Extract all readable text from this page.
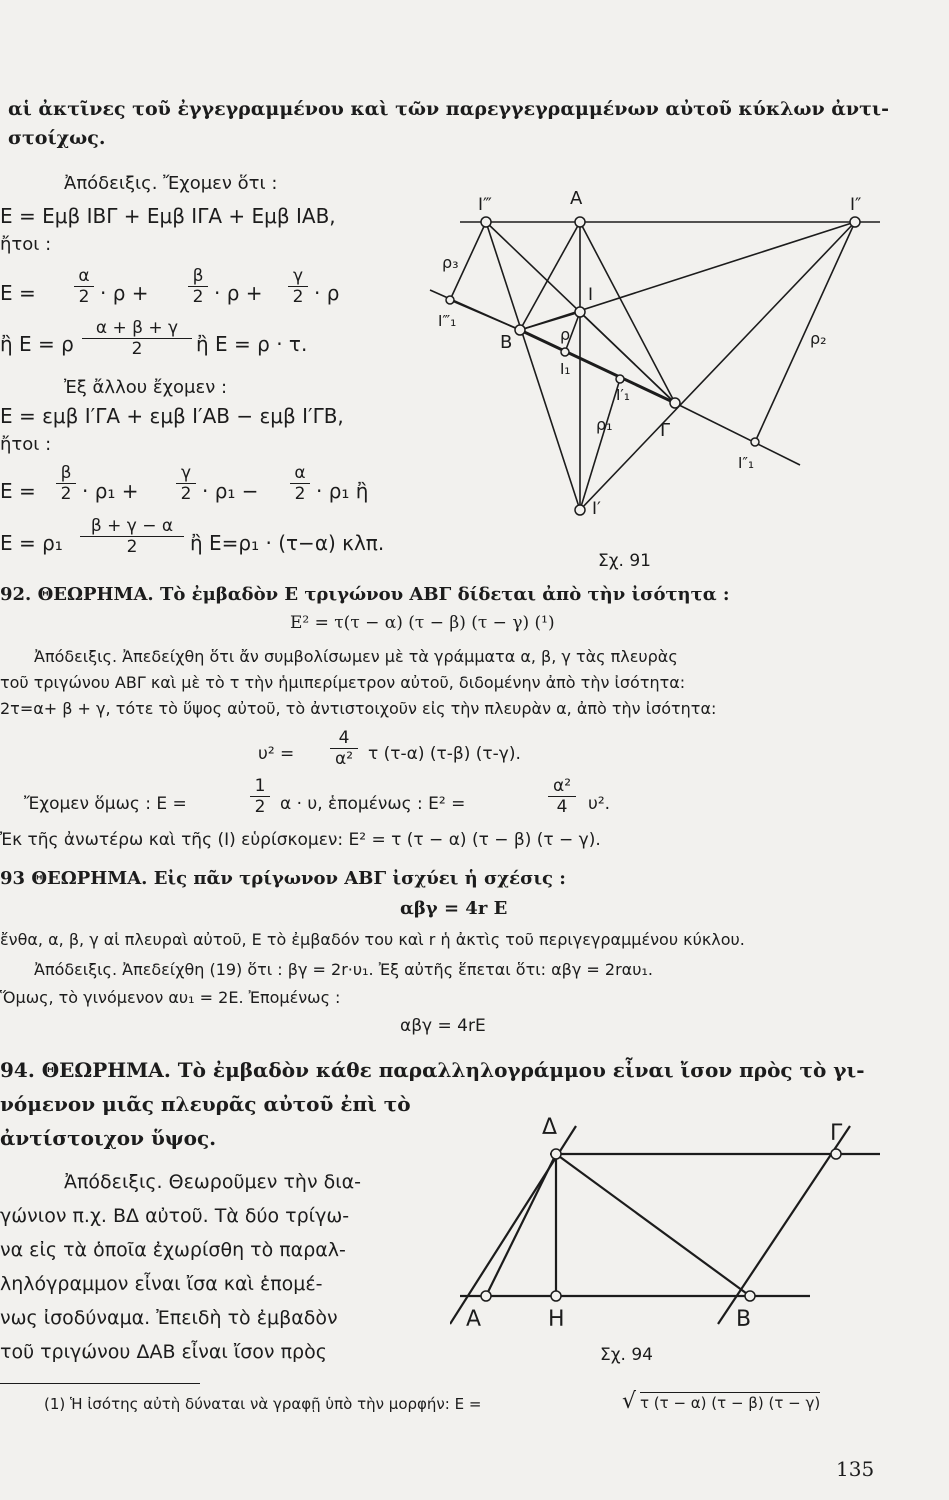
αἱ ἀκτῖνες τοῦ ἐγγεγραμμένου καὶ τῶν παρεγγεγραμμένων αὐτοῦ κύκλων ἀντι-
στοίχως.
Ἀπόδειξις. Ἔχομεν ὅτι :
Ε = Εμβ ΙΒΓ + Εμβ ΙΓΑ + Εμβ ΙΑΒ,
ἤτοι :
$E = \frac{\alpha}{2} \cdot \rho + \frac{\beta}{2} \cdot \rho + \frac{\gamma}{2} \cdot \rho$
ἢ Ε = ρ $\frac{\alpha + \beta + \gamma}{2}$ ἢ Ε = ρ · τ.
Ἐξ ἄλλου ἔχομεν :
Ε = εμβ Ι′ΓΑ + εμβ Ι′ΑΒ − εμβ Ι′ΓΒ,
ἤτοι :
$E = \frac{\beta}{2} \cdot \rho_1 + \frac{\gamma}{2} \cdot \rho_1 - \frac{\alpha}{2} \cdot \rho_1$ ἢ
$E = \rho_1 \frac{\beta + \gamma - \alpha}{2}$ ἢ Ε=ρ₁ · (τ−α) κλπ.
Α
Β
Γ
Ι
Ι₁
Ι′₁
Ι″₁
Ι‴₁
Ι′
Ι″
Ι‴
ρ
ρ₁
ρ₂
ρ₃
Σχ. 91
92. ΘΕΩΡΗΜΑ. Τὸ ἐμβαδὸν Ε τριγώνου ΑΒΓ δίδεται ἀπὸ τὴν ἰσότητα :
Ε² = τ(τ − α) (τ − β) (τ − γ) (¹)
Ἀπόδειξις. Ἀπεδείχθη ὅτι ἄν συμβολίσωμεν μὲ τὰ γράμματα α, β, γ τὰς πλευρὰς
τοῦ τριγώνου ΑΒΓ καὶ μὲ τὸ τ τὴν ἡμιπερίμετρον αὐτοῦ, διδομένην ἀπὸ τὴν ἰσότητα:
2τ=α+ β + γ, τότε τὸ ὕψος αὐτοῦ, τὸ ἀντιστοιχοῦν εἰς τὴν πλευρὰν α, ἀπὸ τὴν ἰσότητα:
$\upsilon^2 = \frac{4}{\text{α²}}$ τ (τ-α) (τ-β) (τ-γ).
Ἔχομεν ὅμως : Ε =	$\frac{1}{2}$ α · υ, ἑπομένως : Ε² =	$\frac{\text{α²}}{4} \upsilon^2$.
Ἐκ τῆς ἀνωτέρω καὶ τῆς (Ι) εὑρίσκομεν: Ε² = τ (τ − α) (τ − β) (τ − γ).
93 ΘΕΩΡΗΜΑ. Εἰς πᾶν τρίγωνον ΑΒΓ ἰσχύει ἡ σχέσις :
αβγ = 4r Ε
ἔνθα, α, β, γ αἱ πλευραὶ αὐτοῦ, Ε τὸ ἐμβαδόν του καὶ r ἡ ἀκτὶς τοῦ περιγεγραμμένου κύκλου.
Ἀπόδειξις. Ἀπεδείχθη (19) ὅτι : βγ = 2r·υ₁. Ἐξ αὐτῆς ἕπεται ὅτι: αβγ = 2rαυ₁.
Ὅμως, τὸ γινόμενον αυ₁ = 2Ε. Ἐπομένως :
αβγ = 4rΕ
94. ΘΕΩΡΗΜΑ. Τὸ ἐμβαδὸν κάθε παραλληλογράμμου εἶναι ἴσον πρὸς τὸ γι-
νόμενον μιᾶς πλευρᾶς αὐτοῦ ἐπὶ τὸ
ἀντίστοιχον ὕψος.
Ἀπόδειξις. Θεωροῦμεν τὴν δια-
γώνιον π.χ. ΒΔ αὐτοῦ. Τὰ δύο τρίγω-
να εἰς τὰ ὁποῖα ἐχωρίσθη τὸ παραλ-
ληλόγραμμον εἶναι ἴσα καὶ ἑπομέ-
νως ἰσοδύναμα. Ἐπειδὴ τὸ ἐμβαδὸν
τοῦ τριγώνου ΔΑΒ εἶναι ἴσον πρὸς
Δ	Γ
Α	Η	Β
Σχ. 94
(1) Ἡ ἰσότης αὐτὴ δύναται νὰ γραφῇ ὑπὸ τὴν μορφήν: Ε =	√ τ (τ − α) (τ − β) (τ − γ)
135
